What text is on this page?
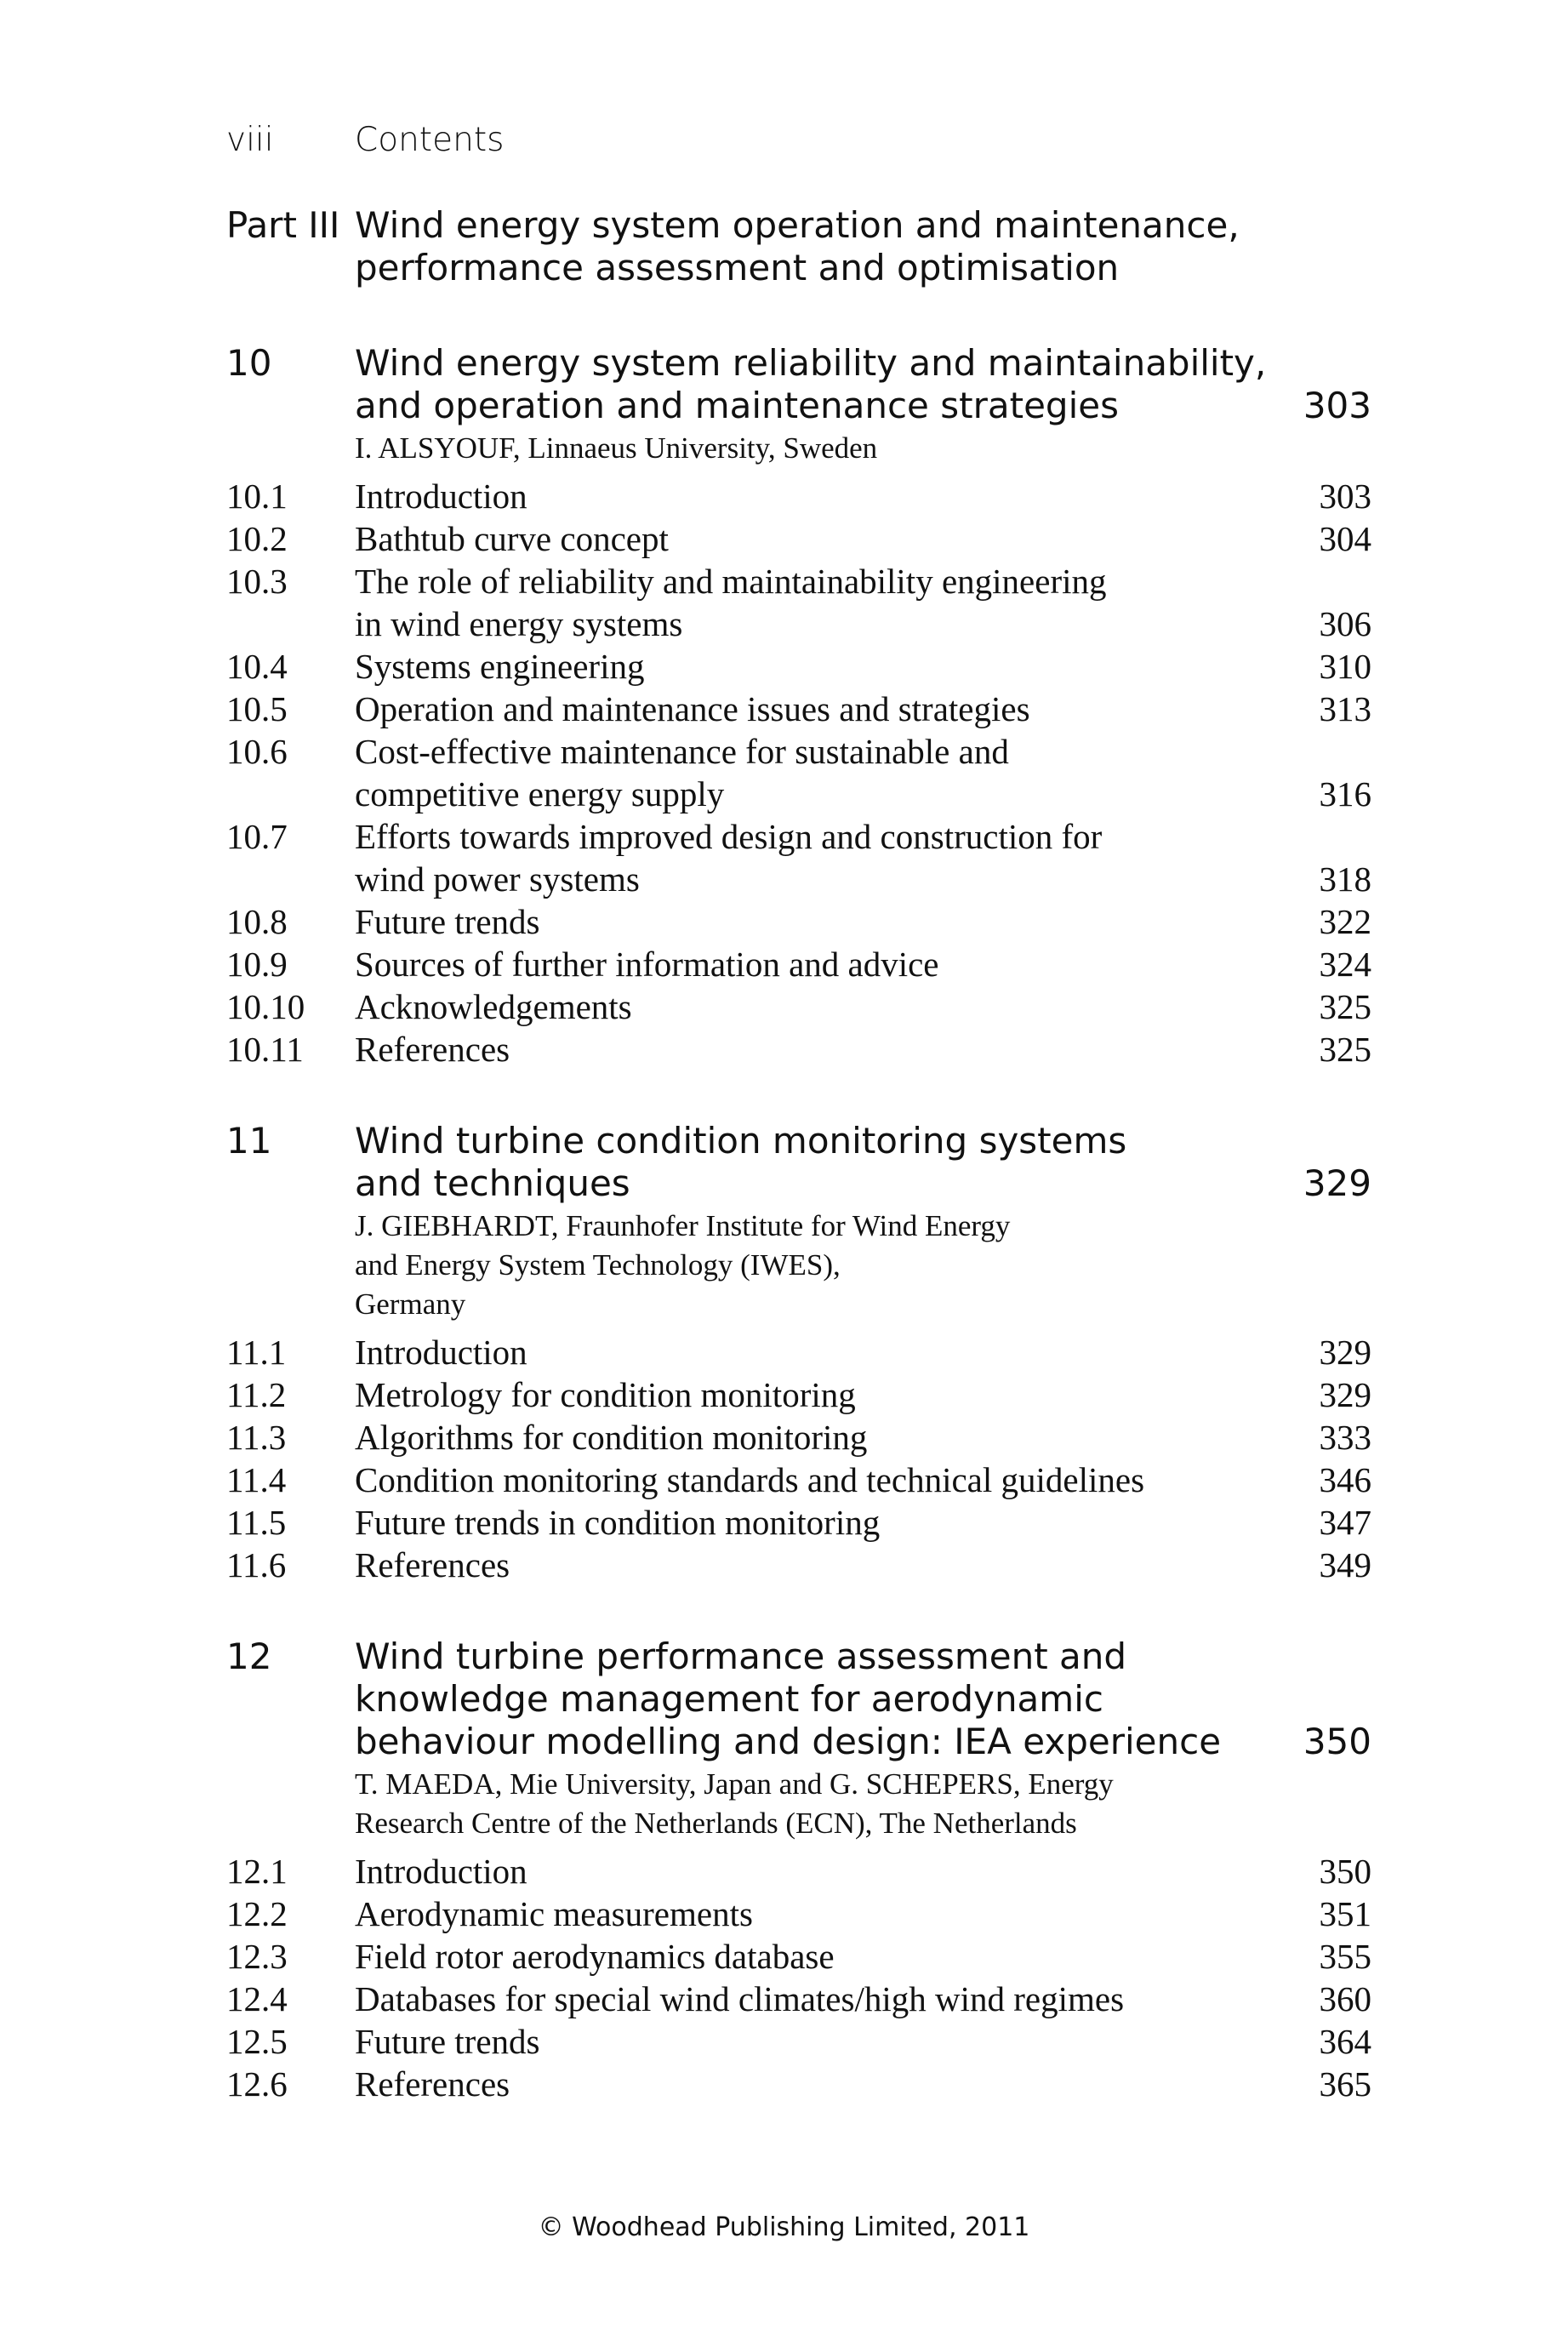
viii Contents
Part III Wind energy system operation and maintenance,
performance assessment and optimisation
10	Wind energy system reliability and maintainability,
and operation and maintenance strategies	303
I. ALSYOUF, Linnaeus University, Sweden
10.1	Introduction	303
10.2	Bathtub curve concept	304
10.3	The role of reliability and maintainability engineering
in wind energy systems	306
10.4	Systems engineering	310
10.5	Operation and maintenance issues and strategies	313
10.6	Cost-effective maintenance for sustainable and
competitive energy supply	316
10.7	Efforts towards improved design and construction for
wind power systems	318
10.8	Future trends	322
10.9	Sources of further information and advice	324
10.10	Acknowledgements	325
10.11	References	325
11	Wind turbine condition monitoring systems
and techniques	329
J. GIEBHARDT, Fraunhofer Institute for Wind Energy
and Energy System Technology (IWES),
Germany
11.1	Introduction	329
11.2	Metrology for condition monitoring	329
11.3	Algorithms for condition monitoring	333
11.4	Condition monitoring standards and technical guidelines	346
11.5	Future trends in condition monitoring	347
11.6	References	349
12	Wind turbine performance assessment and
knowledge management for aerodynamic
behaviour modelling and design: IEA experience	350
T. MAEDA, Mie University, Japan and G. SCHEPERS, Energy
Research Centre of the Netherlands (ECN), The Netherlands
12.1	Introduction	350
12.2	Aerodynamic measurements	351
12.3	Field rotor aerodynamics database	355
12.4	Databases for special wind climates/high wind regimes	360
12.5	Future trends	364
12.6	References	365
© Woodhead Publishing Limited, 2011
